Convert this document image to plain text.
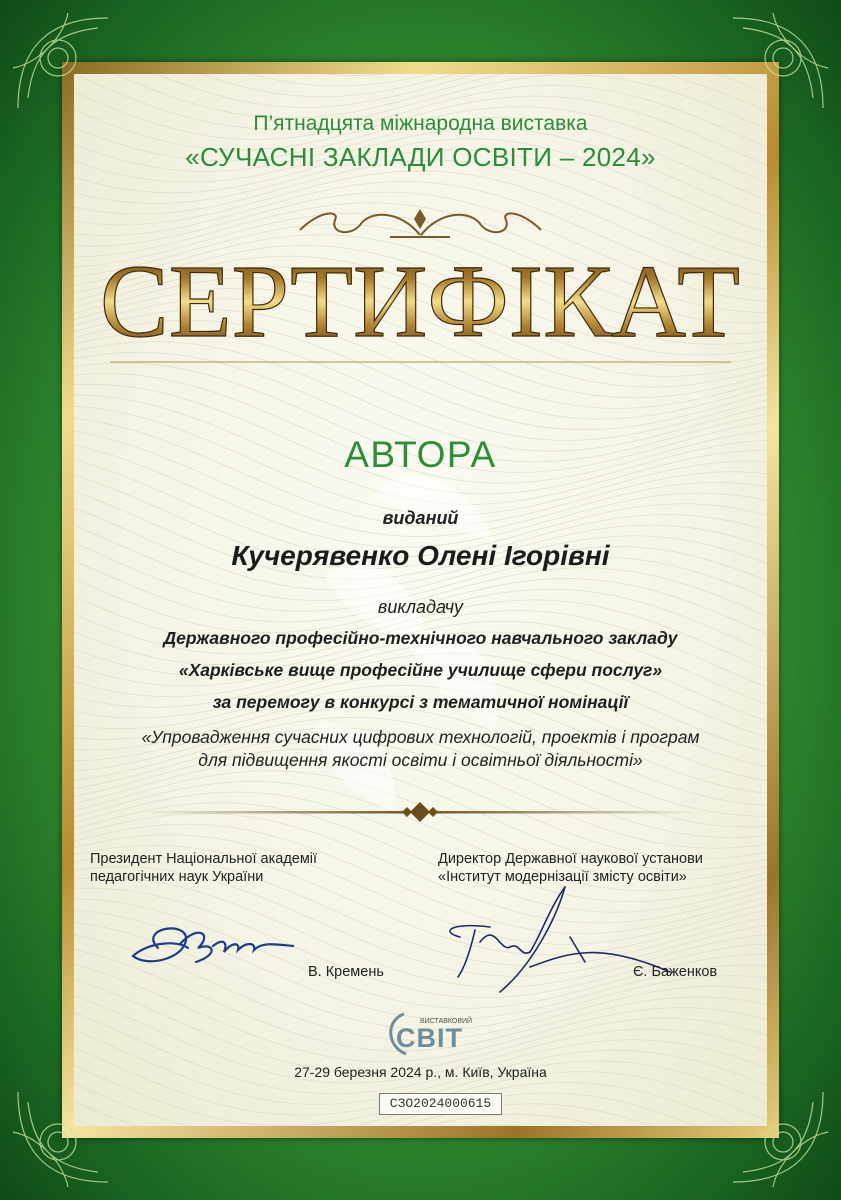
П’ятнадцята міжнародна виставка
«СУЧАСНІ ЗАКЛАДИ ОСВІТИ – 2024»
СЕРТИФІКАТ
АВТОРА
виданий
Кучерявенко Олені Ігорівні
викладачу
Державного професійно-технічного навчального закладу
«Харківське вище професійне училище сфери послуг»
за перемогу в конкурсі з тематичної номінації
«Упровадження сучасних цифрових технологій, проектів і програм
для підвищення якості освіти і освітньої діяльності»
Президент Національної академії
педагогічних наук України
В. Кремень
Директор Державної наукової установи
«Інститут модернізації змісту освіти»
Є. Баженков
ВИСТАВКОВИЙ
СВІТ
27-29 березня 2024 р., м. Київ, Україна
СЗО2024000615
